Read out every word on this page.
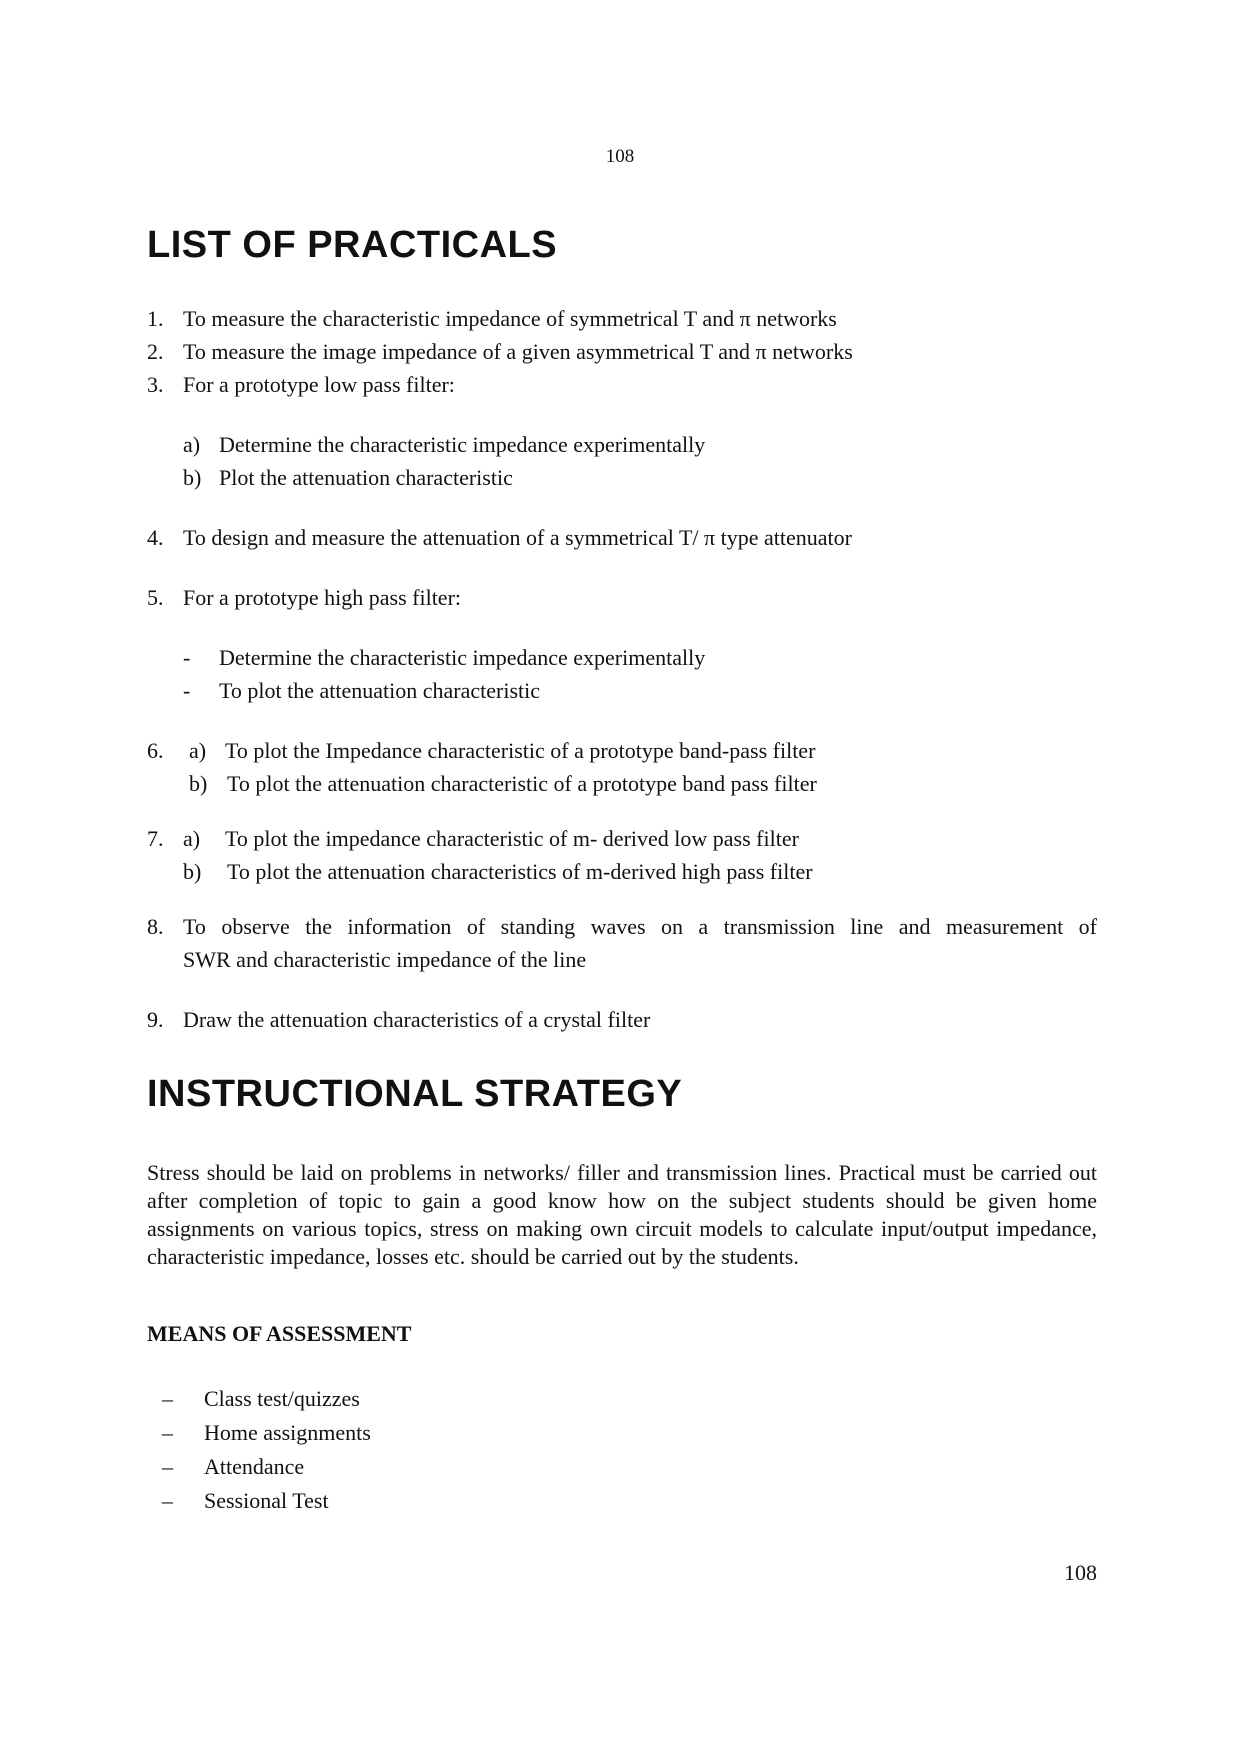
108
LIST OF PRACTICALS
1. To measure the characteristic impedance of symmetrical T and π networks
2. To measure the image impedance of a given asymmetrical T and π networks
3. For a prototype low pass filter:
a) Determine the characteristic impedance experimentally
b) Plot the attenuation characteristic
4. To design and measure the attenuation of a symmetrical T/ π type attenuator
5. For a prototype high pass filter:
- Determine the characteristic impedance experimentally
- To plot the attenuation characteristic
6. a) To plot the Impedance characteristic of a prototype band-pass filter
b) To plot the attenuation characteristic of a prototype band pass filter
7. a) To plot the impedance characteristic of m- derived low pass filter
b) To plot the attenuation characteristics of m-derived high pass filter
8. To observe the information of standing waves on a transmission line and measurement of
SWR and characteristic impedance of the line
9. Draw the attenuation characteristics of a crystal filter
INSTRUCTIONAL STRATEGY
Stress should be laid on problems in networks/ filler and transmission lines. Practical must be carried out after completion of topic to gain a good know how on the subject students should be given home assignments on various topics, stress on making own circuit models to calculate input/output impedance, characteristic impedance, losses etc. should be carried out by the students.
MEANS OF ASSESSMENT
– Class test/quizzes
– Home assignments
– Attendance
– Sessional Test
108
